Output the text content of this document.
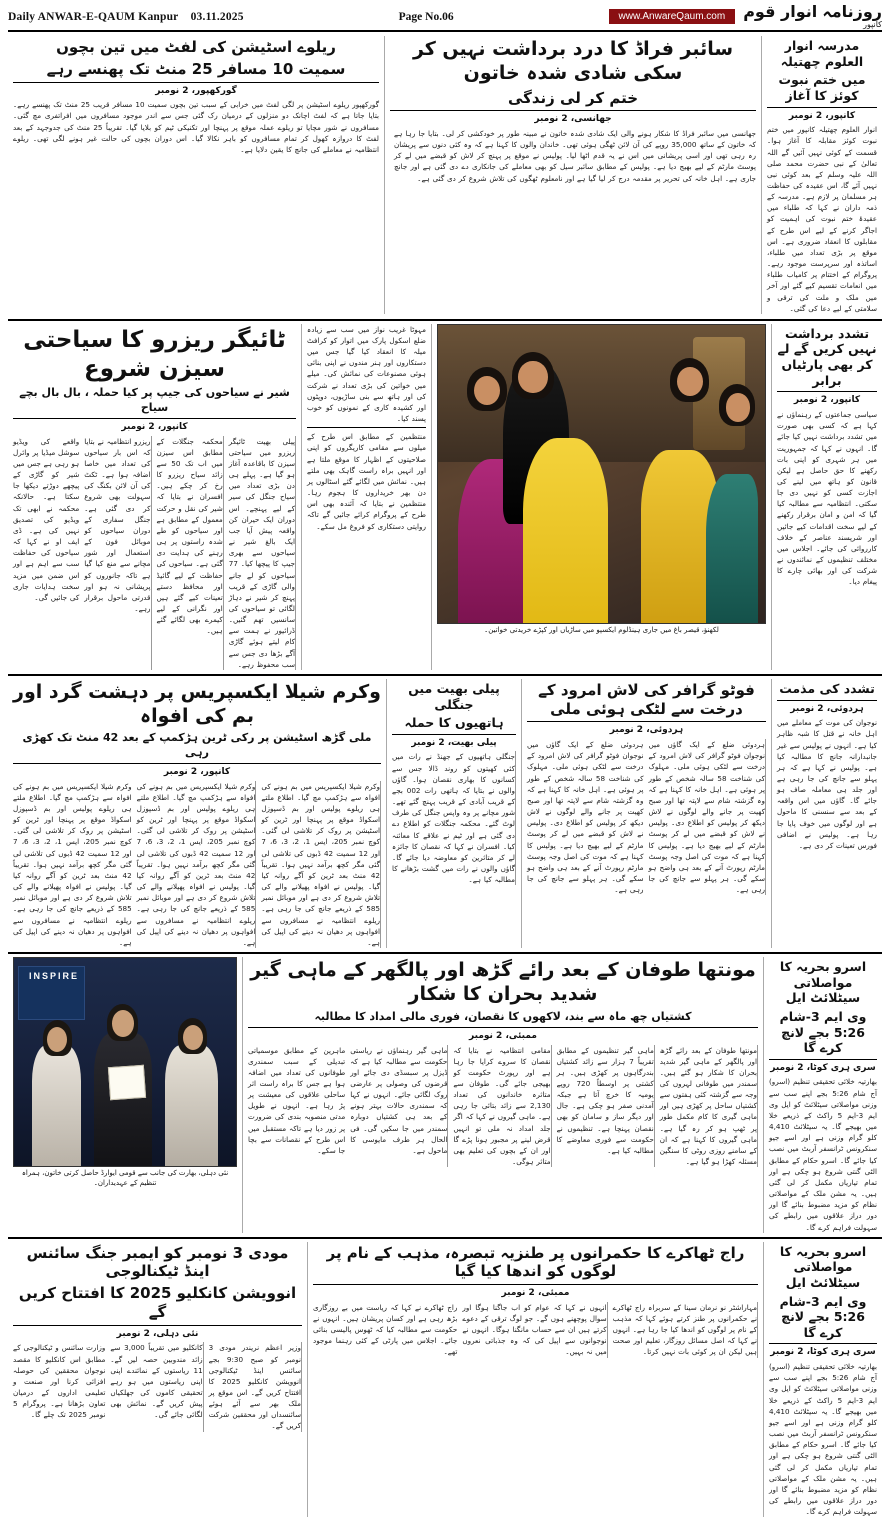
Daily ANWAR-E-QAUM Kanpur 03.11.2025	Page No.06	www.AnwareQaum.com	روزنامہ انوار قوم
کانپور
مدرسہ انوار العلوم چھتیلہ
میں ختم نبوت کوئز کا آغاز
کانپور، 2 نومبر
انوار العلوم چھتیلہ کانپور میں ختم نبوت کوئز مقابلہ کا آغاز ہوا۔ قسمت کے کوئی نہیں آئیں گے اللہ تعالیٰ کے نبی حضرت محمد صلی اللہ علیہ وسلم کے بعد کوئی نبی نہیں آئے گا، اس عقیدہ کی حفاظت ہر مسلمان پر لازم ہے۔ مدرسہ کے ذمہ داران نے کہا کہ طلباء میں عقیدۂ ختم نبوت کی اہمیت کو اجاگر کرنے کے لیے اس طرح کے مقابلوں کا انعقاد ضروری ہے۔ اس موقع پر بڑی تعداد میں طلباء، اساتذہ اور سرپرست موجود رہے۔ پروگرام کے اختتام پر کامیاب طلباء میں انعامات تقسیم کیے گئے اور آخر میں ملک و ملت کی ترقی و سلامتی کے لیے دعا کی گئی۔
سائبر فراڈ کا درد برداشت نہیں کر سکی شادی شدہ خاتون
ختم کر لی زندگی
جھانسی، 2 نومبر
جھانسی میں سائبر فراڈ کا شکار ہونے والی ایک شادی شدہ خاتون نے مبینہ طور پر خودکشی کر لی۔ بتایا جا رہا ہے کہ خاتون کے ساتھ 35,000 روپے کی آن لائن ٹھگی ہوئی تھی۔ خاندان والوں کا کہنا ہے کہ وہ کئی دنوں سے پریشان رہ رہی تھی اور اسی پریشانی میں اس نے یہ قدم اٹھا لیا۔ پولیس نے موقع پر پہنچ کر لاش کو قبضے میں لے کر پوسٹ مارٹم کے لیے بھیج دیا ہے۔ پولیس کے مطابق سائبر سیل کو بھی معاملے کی جانکاری دے دی گئی ہے اور جانچ جاری ہے۔ اہل خانہ کی تحریر پر مقدمہ درج کر لیا گیا ہے اور نامعلوم ٹھگوں کی تلاش شروع کر دی گئی ہے۔
ریلوے اسٹیشن کی لفٹ میں تین بچوں
سمیت 10 مسافر 25 منٹ تک پھنسے رہے
گورکھپور، 2 نومبر
گورکھپور ریلوے اسٹیشن پر لگی لفٹ میں خرابی کے سبب تین بچوں سمیت 10 مسافر قریب 25 منٹ تک پھنسے رہے۔ بتایا جاتا ہے کہ لفٹ اچانک دو منزلوں کے درمیان رک گئی جس سے اندر موجود مسافروں میں افراتفری مچ گئی۔ مسافروں نے شور مچایا تو ریلوے عملہ موقع پر پہنچا اور تکنیکی ٹیم کو بلایا گیا۔ تقریباً 25 منٹ کی جدوجہد کے بعد لفٹ کا دروازہ کھول کر تمام مسافروں کو باہر نکالا گیا۔ اس دوران بچوں کی حالت غیر ہونے لگی تھی۔ ریلوے انتظامیہ نے معاملے کی جانچ کا یقین دلایا ہے۔
تشدد برداشت نہیں کریں گے لے کر بھی پارٹیاں برابر
کانپور، 2 نومبر
سیاسی جماعتوں کے رہنماؤں نے کہا ہے کہ کسی بھی صورت میں تشدد برداشت نہیں کیا جائے گا۔ انہوں نے کہا کہ جمہوریت میں ہر شہری کو اپنی بات رکھنے کا حق حاصل ہے لیکن قانون کو ہاتھ میں لینے کی اجازت کسی کو نہیں دی جا سکتی۔ انتظامیہ سے مطالبہ کیا گیا کہ امن و امان برقرار رکھنے کے لیے سخت اقدامات کیے جائیں اور شرپسند عناصر کے خلاف کارروائی کی جائے۔ اجلاس میں مختلف تنظیموں کے نمائندوں نے شرکت کی اور بھائی چارے کا پیغام دیا۔
لکھنؤ، قیصر باغ میں جاری ہینڈلوم ایکسپو میں ساڑیاں اور کپڑے خریدتی خواتین۔
مہوٹا غریب نواز میں سب سے زیادہ ضلع اسکول پارک میں اتوار کو کرافٹ میلہ کا انعقاد کیا گیا جس میں دستکاروں اور ہنر مندوں نے اپنی بنائی ہوئی مصنوعات کی نمائش کی۔ میلے میں خواتین کی بڑی تعداد نے شرکت کی اور ہاتھ سے بنی ساڑیوں، دوپٹوں اور کشیدہ کاری کے نمونوں کو خوب پسند کیا۔
منتظمین کے مطابق اس طرح کے میلوں سے مقامی کاریگروں کو اپنی صلاحیتوں کے اظہار کا موقع ملتا ہے اور انہیں براہ راست گاہک بھی ملتے ہیں۔ نمائش میں لگائے گئے اسٹالوں پر دن بھر خریداروں کا ہجوم رہا۔ منتظمین نے بتایا کہ آئندہ بھی اس طرح کے پروگرام کرائے جائیں گے تاکہ روایتی دستکاری کو فروغ مل سکے۔
ٹائیگر ریزرو کا سیاحتی سیزن شروع
شیر نے سیاحوں کی جیپ پر کیا حملہ ، بال بال بچے سیاح
کانپور، 2 نومبر
پیلی بھیت ٹائیگر ریزرو میں سیاحتی سیزن کا باقاعدہ آغاز ہو گیا ہے۔ پہلے ہی دن بڑی تعداد میں سیاح جنگل کی سیر کے لیے پہنچے۔ اس دوران ایک حیران کن واقعہ پیش آیا جب ایک بالغ شیر نے سیاحوں سے بھری جیپ کا پیچھا کیا۔ 77 سیاحوں کو لے جانے والی گاڑی کے قریب پہنچ کر شیر نے دہاڑ لگائی تو سیاحوں کی سانسیں تھم گئیں۔ ڈرائیور نے ہمت سے کام لیتے ہوئے گاڑی آگے بڑھا دی جس سے سب محفوظ رہے۔
محکمہ جنگلات کے مطابق اس سیزن میں اب تک 50 سے زائد سیاح ریزرو کا رخ کر چکے ہیں۔ افسران نے بتایا کہ شیر کی نقل و حرکت معمول کے مطابق ہے اور سیاحوں کو طے شدہ راستوں پر ہی رہنے کی ہدایت دی گئی ہے۔ سیاحوں کی حفاظت کے لیے گائیڈ اور محافظ دستے تعینات کیے گئے ہیں اور نگرانی کے لیے کیمرے بھی لگائے گئے ہیں۔
ریزرو انتظامیہ نے بتایا کہ اس بار سیاحوں کی تعداد میں خاصا اضافہ ہوا ہے۔ ٹکٹ کی آن لائن بکنگ کی سہولت بھی شروع کر دی گئی ہے۔ جنگل سفاری کے دوران سیاحوں کو موبائل فون کے استعمال اور شور مچانے سے منع کیا گیا ہے تاکہ جانوروں کو پریشانی نہ ہو اور قدرتی ماحول برقرار رہے۔
واقعے کی ویڈیو سوشل میڈیا پر وائرل ہو رہی ہے جس میں شیر کو گاڑی کے پیچھے دوڑتے دیکھا جا سکتا ہے۔ حالانکہ محکمہ نے ابھی تک ویڈیو کی تصدیق نہیں کی ہے۔ ڈی ایف او نے کہا کہ سیاحوں کی حفاظت سب سے اہم ہے اور اس ضمن میں مزید سخت ہدایات جاری کی جائیں گی۔
تشدد کی مذمت
ہردوئی، 2 نومبر
نوجوان کی موت کے معاملے میں اہل خانہ نے قتل کا شبہ ظاہر کیا ہے۔ انہوں نے پولیس سے غیر جانبدارانہ جانچ کا مطالبہ کیا ہے۔ پولیس نے کہا ہے کہ ہر پہلو سے جانچ کی جا رہی ہے اور جلد ہی معاملہ صاف ہو جائے گا۔ گاؤں میں اس واقعہ کے بعد سے سنسنی کا ماحول ہے اور لوگوں میں خوف پایا جا رہا ہے۔ پولیس نے اضافی فورس تعینات کر دی ہے۔
فوٹو گرافر کی لاش امرود کے درخت سے لٹکی ہوئی ملی
ہردوئی، 2 نومبر
ہردوئی ضلع کے ایک گاؤں میں نوجوان فوٹو گرافر کی لاش امرود کے درخت سے لٹکی ہوئی ملی۔ مہلوک کی شناخت 58 سالہ شخص کے طور پر ہوئی ہے۔ اہل خانہ کا کہنا ہے کہ وہ گزشتہ شام سے لاپتہ تھا اور صبح کھیت پر جانے والے لوگوں نے لاش دیکھ کر پولیس کو اطلاع دی۔ پولیس نے لاش کو قبضے میں لے کر پوسٹ مارٹم کے لیے بھیج دیا ہے۔ پولیس کا کہنا ہے کہ موت کی اصل وجہ پوسٹ مارٹم رپورٹ آنے کے بعد ہی واضح ہو سکے گی۔ ہر پہلو سے جانچ کی جا رہی ہے۔
ہردوئی ضلع کے ایک گاؤں میں نوجوان فوٹو گرافر کی لاش امرود کے درخت سے لٹکی ہوئی ملی۔ مہلوک کی شناخت 58 سالہ شخص کے طور پر ہوئی ہے۔ اہل خانہ کا کہنا ہے کہ وہ گزشتہ شام سے لاپتہ تھا اور صبح کھیت پر جانے والے لوگوں نے لاش دیکھ کر پولیس کو اطلاع دی۔ پولیس نے لاش کو قبضے میں لے کر پوسٹ مارٹم کے لیے بھیج دیا ہے۔ پولیس کا کہنا ہے کہ موت کی اصل وجہ پوسٹ مارٹم رپورٹ آنے کے بعد ہی واضح ہو سکے گی۔ ہر پہلو سے جانچ کی جا رہی ہے۔
پیلی بھیت میں جنگلی
ہاتھیوں کا حملہ
پیلی بھیت، 2 نومبر
جنگلی ہاتھیوں کے جھنڈ نے رات میں کئی کھیتوں کو روند ڈالا جس سے کسانوں کا بھاری نقصان ہوا۔ گاؤں والوں نے بتایا کہ ہاتھی رات 002 بجے کے قریب آبادی کے قریب پہنچ گئے تھے۔ شور مچانے پر وہ واپس جنگل کی طرف لوٹ گئے۔ محکمہ جنگلات کو اطلاع دے دی گئی ہے اور ٹیم نے علاقے کا معائنہ کیا۔ افسران نے کہا کہ نقصان کا جائزہ لے کر متاثرین کو معاوضہ دیا جائے گا۔ گاؤں والوں نے رات میں گشت بڑھانے کا مطالبہ کیا ہے۔
وکرم شیلا ایکسپریس پر دہشت گرد اور بم کی افواہ
ملی گڑھ اسٹیشن پر رکی ٹرین ہڑکمپ کے بعد 42 منٹ تک کھڑی رہی
کانپور، 2 نومبر
وکرم شیلا ایکسپریس میں بم ہونے کی افواہ سے ہڑکمپ مچ گیا۔ اطلاع ملتے ہی ریلوے پولیس اور بم ڈسپوزل اسکواڈ موقع پر پہنچا اور ٹرین کو اسٹیشن پر روک کر تلاشی لی گئی۔ کوچ نمبر 205، ایس 1، 2، 3، 6، 7 اور 12 سمیت 42 ڈبوں کی تلاشی لی گئی مگر کچھ برآمد نہیں ہوا۔ تقریباً 42 منٹ بعد ٹرین کو آگے روانہ کیا گیا۔ پولیس نے افواہ پھیلانے والے کی تلاش شروع کر دی ہے اور موبائل نمبر 585 کے ذریعے جانچ کی جا رہی ہے۔ ریلوے انتظامیہ نے مسافروں سے افواہوں پر دھیان نہ دینے کی اپیل کی ہے۔
وکرم شیلا ایکسپریس میں بم ہونے کی افواہ سے ہڑکمپ مچ گیا۔ اطلاع ملتے ہی ریلوے پولیس اور بم ڈسپوزل اسکواڈ موقع پر پہنچا اور ٹرین کو اسٹیشن پر روک کر تلاشی لی گئی۔ کوچ نمبر 205، ایس 1، 2، 3، 6، 7 اور 12 سمیت 42 ڈبوں کی تلاشی لی گئی مگر کچھ برآمد نہیں ہوا۔ تقریباً 42 منٹ بعد ٹرین کو آگے روانہ کیا گیا۔ پولیس نے افواہ پھیلانے والے کی تلاش شروع کر دی ہے اور موبائل نمبر 585 کے ذریعے جانچ کی جا رہی ہے۔ ریلوے انتظامیہ نے مسافروں سے افواہوں پر دھیان نہ دینے کی اپیل کی ہے۔
وکرم شیلا ایکسپریس میں بم ہونے کی افواہ سے ہڑکمپ مچ گیا۔ اطلاع ملتے ہی ریلوے پولیس اور بم ڈسپوزل اسکواڈ موقع پر پہنچا اور ٹرین کو اسٹیشن پر روک کر تلاشی لی گئی۔ کوچ نمبر 205، ایس 1، 2، 3، 6، 7 اور 12 سمیت 42 ڈبوں کی تلاشی لی گئی مگر کچھ برآمد نہیں ہوا۔ تقریباً 42 منٹ بعد ٹرین کو آگے روانہ کیا گیا۔ پولیس نے افواہ پھیلانے والے کی تلاش شروع کر دی ہے اور موبائل نمبر 585 کے ذریعے جانچ کی جا رہی ہے۔ ریلوے انتظامیہ نے مسافروں سے افواہوں پر دھیان نہ دینے کی اپیل کی ہے۔
اسرو بحریہ کا مواصلاتی سیٹلائٹ ایل
وی ایم 3-شام 5:26 بجے لانچ کرے گا
سری ہری کوٹا، 2 نومبر
بھارتیہ خلائی تحقیقی تنظیم (اسرو) آج شام 5:26 بجے اپنے سب سے وزنی مواصلاتی سیٹلائٹ کو ایل وی ایم 3-ایم 5 راکٹ کے ذریعے خلا میں بھیجے گا۔ یہ سیٹلائٹ 4,410 کلو گرام وزنی ہے اور اسے جیو سنکرونس ٹرانسفر آربٹ میں نصب کیا جائے گا۔ اسرو حکام کے مطابق الٹی گنتی شروع ہو چکی ہے اور تمام تیاریاں مکمل کر لی گئی ہیں۔ یہ مشن ملک کے مواصلاتی نظام کو مزید مضبوط بنائے گا اور دور دراز علاقوں میں رابطے کی سہولت فراہم کرے گا۔
مونتھا طوفان کے بعد رائے گڑھ اور پالگھر کے ماہی گیر شدید بحران کا شکار
کشتیاں چھ ماہ سے بند، لاکھوں کا نقصان، فوری مالی امداد کا مطالبہ
ممبئی، 2 نومبر
مونتھا طوفان کے بعد رائے گڑھ اور پالگھر کے ماہی گیر شدید بحران کا شکار ہو گئے ہیں۔ سمندر میں طوفانی لہروں کی وجہ سے گزشتہ کئی ہفتوں سے کشتیاں ساحل پر کھڑی ہیں اور ماہی گیری کا کام مکمل طور پر ٹھپ ہو کر رہ گیا ہے۔ ماہی گیروں کا کہنا ہے کہ ان کے سامنے روزی روٹی کا سنگین مسئلہ کھڑا ہو گیا ہے۔
ماہی گیر تنظیموں کے مطابق تقریباً 7 ہزار سے زائد کشتیاں بندرگاہوں پر کھڑی ہیں۔ ہر کشتی پر اوسطاً 720 روپے یومیہ کا خرچ آتا ہے جبکہ آمدنی صفر ہو چکی ہے۔ جال اور دیگر ساز و سامان کو بھی نقصان پہنچا ہے۔ تنظیموں نے حکومت سے فوری معاوضے کا مطالبہ کیا ہے۔
مقامی انتظامیہ نے بتایا کہ نقصان کا سروے کرایا جا رہا ہے اور رپورٹ حکومت کو بھیجی جائے گی۔ طوفان سے متاثرہ خاندانوں کی تعداد 2,130 سے زائد بتائی جا رہی ہے۔ ماہی گیروں نے کہا کہ اگر جلد امداد نہ ملی تو انہیں قرض لینے پر مجبور ہونا پڑے گا اور ان کے بچوں کی تعلیم بھی متاثر ہوگی۔
ماہی گیر رہنماؤں نے ریاستی حکومت سے مطالبہ کیا ہے کہ ڈیزل پر سبسڈی دی جائے اور قرضوں کی وصولی پر عارضی روک لگائی جائے۔ انہوں نے کہا کہ سمندری حالات بہتر ہونے کے بعد ہی کشتیاں دوبارہ سمندر میں جا سکیں گی۔ فی الحال ہر طرف مایوسی کا ماحول ہے۔
ماہرین کے مطابق موسمیاتی تبدیلی کے سبب سمندری طوفانوں کی تعداد میں اضافہ ہوا ہے جس کا براہ راست اثر ساحلی علاقوں کی معیشت پر پڑ رہا ہے۔ انہوں نے طویل مدتی منصوبہ بندی کی ضرورت پر زور دیا ہے تاکہ مستقبل میں اس طرح کے نقصانات سے بچا جا سکے۔
INSPIRE
نئی دہلی، بھارت کی جانب سے قومی ایوارڈ حاصل کرتی خاتون، ہمراہ تنظیم کے عہدیداران۔
اسرو بحریہ کا مواصلاتی سیٹلائٹ ایل
وی ایم 3-شام 5:26 بجے لانچ کرے گا
سری ہری کوٹا، 2 نومبر
بھارتیہ خلائی تحقیقی تنظیم (اسرو) آج شام 5:26 بجے اپنے سب سے وزنی مواصلاتی سیٹلائٹ کو ایل وی ایم 3-ایم 5 راکٹ کے ذریعے خلا میں بھیجے گا۔ یہ سیٹلائٹ 4,410 کلو گرام وزنی ہے اور اسے جیو سنکرونس ٹرانسفر آربٹ میں نصب کیا جائے گا۔ اسرو حکام کے مطابق الٹی گنتی شروع ہو چکی ہے اور تمام تیاریاں مکمل کر لی گئی ہیں۔ یہ مشن ملک کے مواصلاتی نظام کو مزید مضبوط بنائے گا اور دور دراز علاقوں میں رابطے کی سہولت فراہم کرے گا۔
راج ٹھاکرے کا حکمرانوں پر طنزیہ تبصرہ، مذہب کے نام پر لوگوں کو اندھا کیا گیا
ممبئی، 2 نومبر
مہاراشٹر نو نرمان سینا کے سربراہ راج ٹھاکرے نے حکمرانوں پر طنز کرتے ہوئے کہا کہ مذہب کے نام پر لوگوں کو اندھا کیا جا رہا ہے۔ انہوں نے کہا کہ اصل مسائل روزگار، تعلیم اور صحت ہیں لیکن ان پر کوئی بات نہیں کرتا۔
انہوں نے کہا کہ عوام کو اب جاگنا ہوگا اور سوال پوچھنے ہوں گے۔ جو لوگ ترقی کے دعوے کرتے ہیں ان سے حساب مانگنا ہوگا۔ انہوں نے نوجوانوں سے اپیل کی کہ وہ جذباتی نعروں میں نہ بہیں۔
راج ٹھاکرے نے کہا کہ ریاست میں بے روزگاری بڑھ رہی ہے اور کسان پریشان ہیں۔ انہوں نے حکومت سے مطالبہ کیا کہ ٹھوس پالیسی بنائی جائے۔ اجلاس میں پارٹی کے کئی رہنما موجود تھے۔
مودی 3 نومبر کو ایمبر جنگ سائنس اینڈ ٹیکنالوجی
انوویشن کانکلیو 2025 کا افتتاح کریں گے
نئی دہلی، 2 نومبر
وزیر اعظم نریندر مودی 3 نومبر کو صبح 9:30 بجے سائنس اینڈ ٹیکنالوجی انوویشن کانکلیو 2025 کا افتتاح کریں گے۔ اس موقع پر ملک بھر سے آئے ہوئے سائنسداں اور محققین شرکت کریں گے۔
کانکلیو میں تقریباً 3,000 سے زائد مندوبین حصہ لیں گے۔ 11 ریاستوں کے نمائندے اپنی اپنی ریاستوں میں ہو رہے تحقیقی کاموں کی جھلکیاں پیش کریں گے۔ نمائش بھی لگائی جائے گی۔
وزارت سائنس و ٹیکنالوجی کے مطابق اس کانکلیو کا مقصد نوجوان محققین کی حوصلہ افزائی کرنا اور صنعت و تعلیمی اداروں کے درمیان تعاون بڑھانا ہے۔ پروگرام 5 نومبر 2025 تک چلے گا۔
